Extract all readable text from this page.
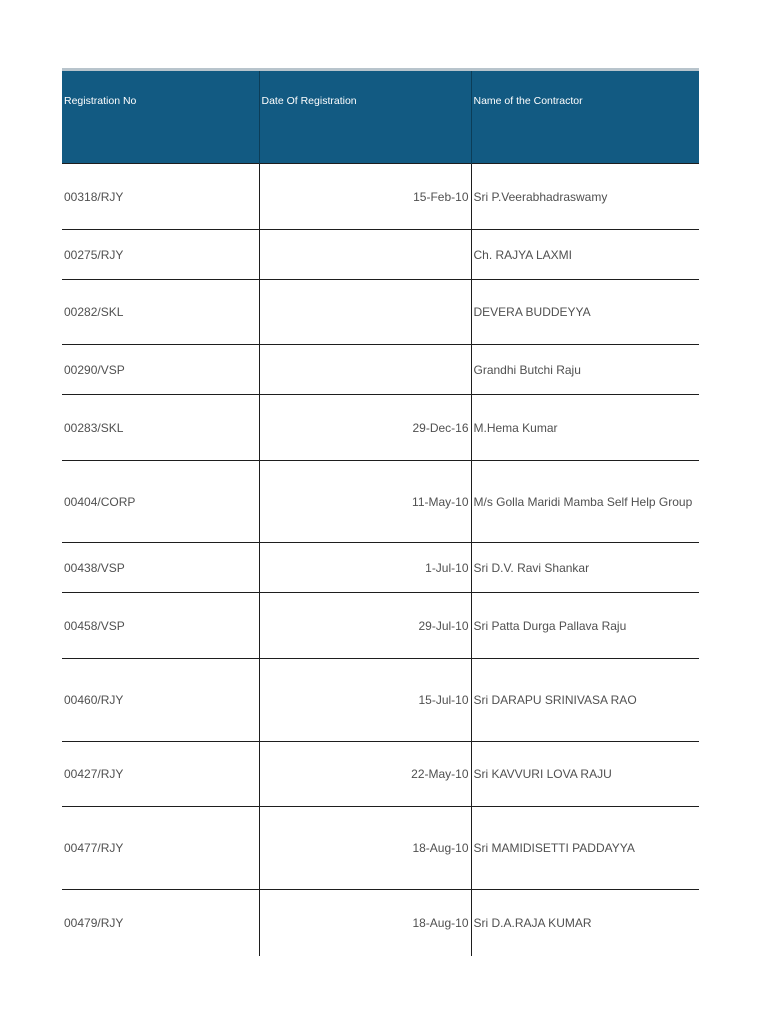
Registration No	Date Of Registration	Name of the Contractor
00318/RJY	15-Feb-10	Sri P.Veerabhadraswamy
00275/RJY		Ch. RAJYA LAXMI
00282/SKL		DEVERA BUDDEYYA
00290/VSP		Grandhi Butchi Raju
00283/SKL	29-Dec-16	M.Hema Kumar
00404/CORP	11-May-10	M/s Golla Maridi Mamba Self Help Group
00438/VSP	1-Jul-10	Sri D.V. Ravi Shankar
00458/VSP	29-Jul-10	Sri Patta Durga Pallava Raju
00460/RJY	15-Jul-10	Sri DARAPU SRINIVASA RAO
00427/RJY	22-May-10	Sri KAVVURI LOVA RAJU
00477/RJY	18-Aug-10	Sri MAMIDISETTI PADDAYYA
00479/RJY	18-Aug-10	Sri D.A.RAJA KUMAR
